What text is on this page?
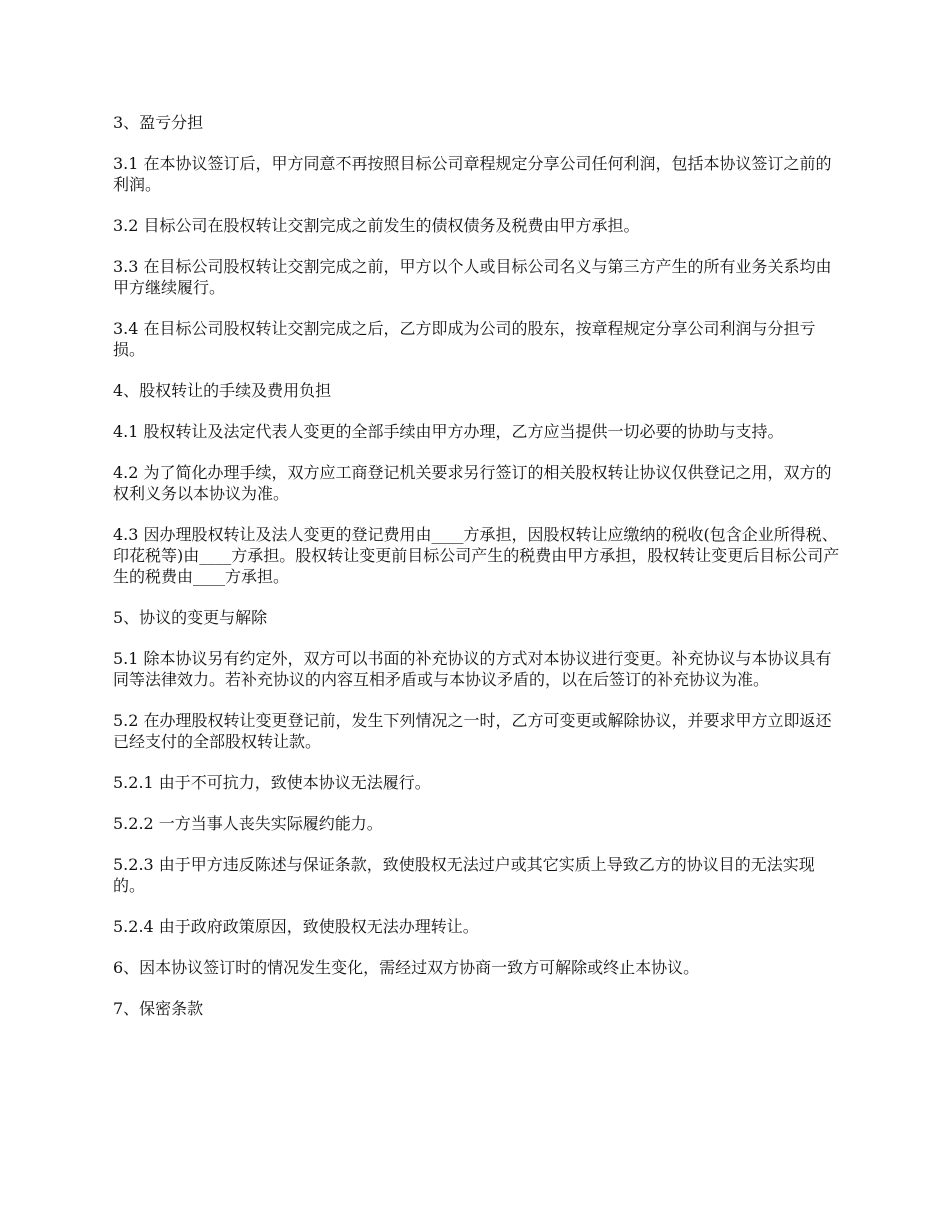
3、盈亏分担

3.1 在本协议签订后，甲方同意不再按照目标公司章程规定分享公司任何利润，包括本协议签订之前的利润。

3.2 目标公司在股权转让交割完成之前发生的债权债务及税费由甲方承担。

3.3 在目标公司股权转让交割完成之前，甲方以个人或目标公司名义与第三方产生的所有业务关系均由甲方继续履行。

3.4 在目标公司股权转让交割完成之后，乙方即成为公司的股东，按章程规定分享公司利润与分担亏损。

4、股权转让的手续及费用负担

4.1 股权转让及法定代表人变更的全部手续由甲方办理，乙方应当提供一切必要的协助与支持。

4.2 为了简化办理手续，双方应工商登记机关要求另行签订的相关股权转让协议仅供登记之用，双方的权利义务以本协议为准。

4.3 因办理股权转让及法人变更的登记费用由____方承担，因股权转让应缴纳的税收(包含企业所得税、印花税等)由____方承担。股权转让变更前目标公司产生的税费由甲方承担，股权转让变更后目标公司产生的税费由____方承担。

5、协议的变更与解除

5.1 除本协议另有约定外，双方可以书面的补充协议的方式对本协议进行变更。补充协议与本协议具有同等法律效力。若补充协议的内容互相矛盾或与本协议矛盾的，以在后签订的补充协议为准。

5.2 在办理股权转让变更登记前，发生下列情况之一时，乙方可变更或解除协议，并要求甲方立即返还已经支付的全部股权转让款。

5.2.1 由于不可抗力，致使本协议无法履行。

5.2.2 一方当事人丧失实际履约能力。

5.2.3 由于甲方违反陈述与保证条款，致使股权无法过户或其它实质上导致乙方的协议目的无法实现的。

5.2.4 由于政府政策原因，致使股权无法办理转让。

6、因本协议签订时的情况发生变化，需经过双方协商一致方可解除或终止本协议。

7、保密条款
